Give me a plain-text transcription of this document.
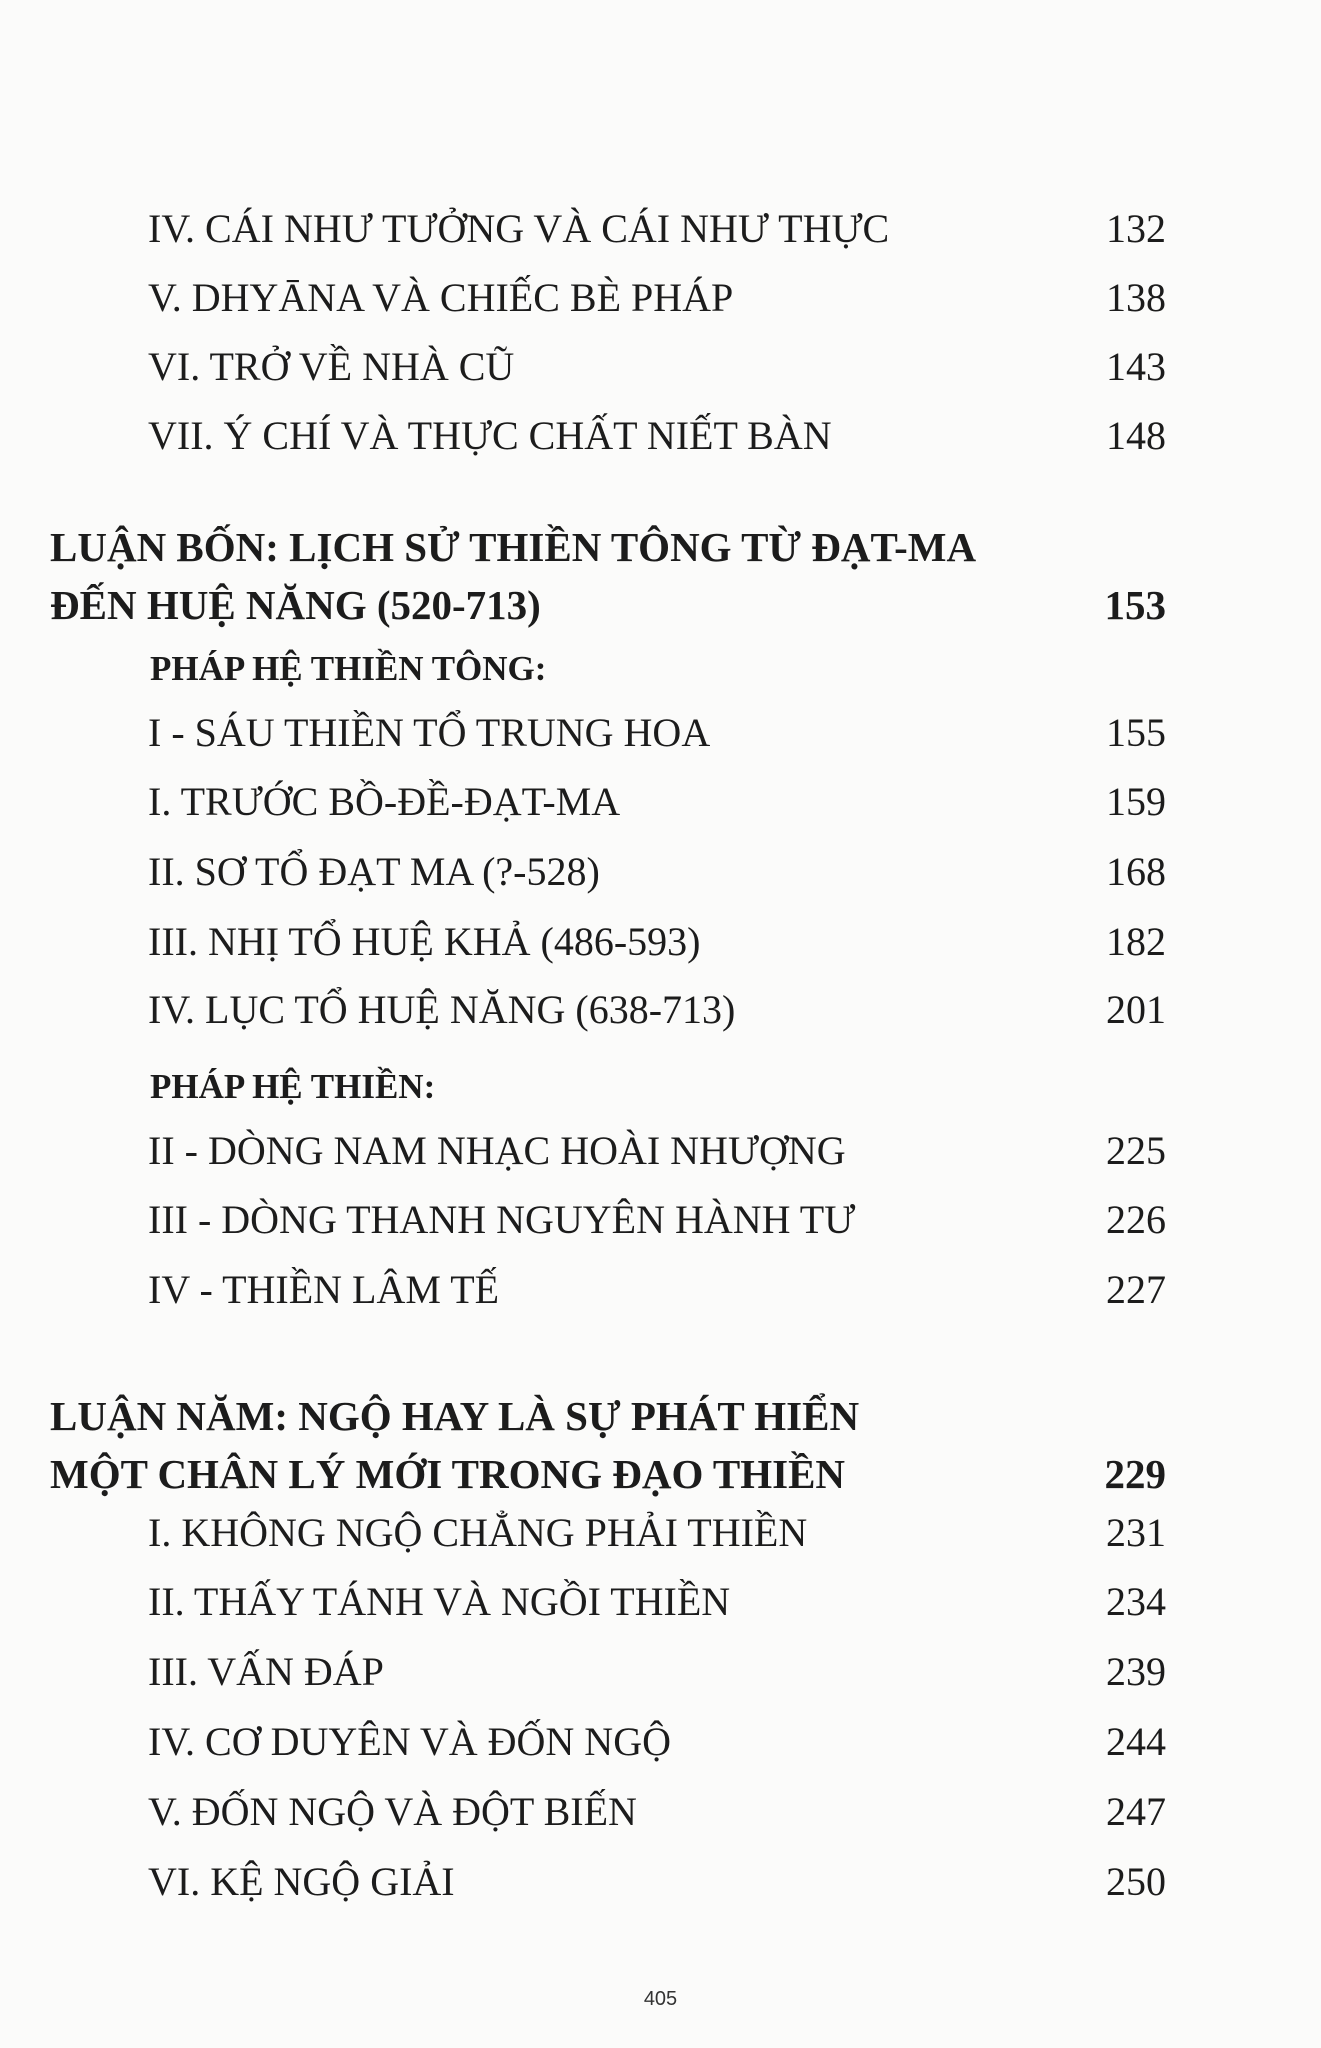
IV. CÁI NHƯ TƯỞNG VÀ CÁI NHƯ THỰC	132
V. DHYĀNA VÀ CHIẾC BÈ PHÁP	138
VI. TRỞ VỀ NHÀ CŨ	143
VII. Ý CHÍ VÀ THỰC CHẤT NIẾT BÀN	148
LUẬN BỐN: LỊCH SỬ THIỀN TÔNG TỪ ĐẠT-MA
ĐẾN HUỆ NĂNG (520-713)	153
PHÁP HỆ THIỀN TÔNG:
I - SÁU THIỀN TỔ TRUNG HOA	155
I. TRƯỚC BỒ-ĐỀ-ĐẠT-MA	159
II. SƠ TỔ ĐẠT MA (?-528)	168
III. NHỊ TỔ HUỆ KHẢ (486-593)	182
IV. LỤC TỔ HUỆ NĂNG (638-713)	201
PHÁP HỆ THIỀN:
II - DÒNG NAM NHẠC HOÀI NHƯỢNG	225
III - DÒNG THANH NGUYÊN HÀNH TƯ	226
IV - THIỀN LÂM TẾ	227
LUẬN NĂM: NGỘ HAY LÀ SỰ PHÁT HIỂN
MỘT CHÂN LÝ MỚI TRONG ĐẠO THIỀN	229
I. KHÔNG NGỘ CHẲNG PHẢI THIỀN	231
II. THẤY TÁNH VÀ NGỒI THIỀN	234
III. VẤN ĐÁP	239
IV. CƠ DUYÊN VÀ ĐỐN NGỘ	244
V. ĐỐN NGỘ VÀ ĐỘT BIẾN	247
VI. KỆ NGỘ GIẢI	250
405
